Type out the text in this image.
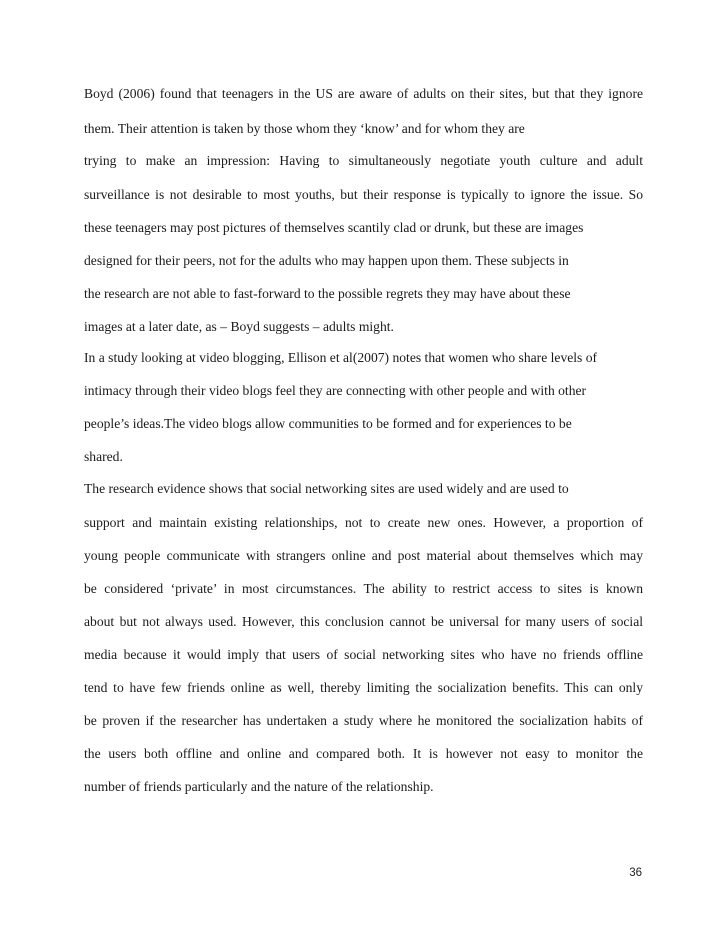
Boyd (2006) found that teenagers in the US are aware of adults on their sites, but that they ignore
them. Their attention is taken by those whom they ‘know’ and for whom they are
trying to make an impression: Having to simultaneously negotiate youth culture and adult
surveillance is not desirable to most youths, but their response is typically to ignore the issue. So
these teenagers may post pictures of themselves scantily clad or drunk, but these are images
designed for their peers, not for the adults who may happen upon them. These subjects in
the research are not able to fast-forward to the possible regrets they may have about these
images at a later date, as – Boyd suggests – adults might.
In a study looking at video blogging, Ellison et al(2007) notes that women who share levels of
intimacy through their video blogs feel they are connecting with other people and with other
people’s ideas.The video blogs allow communities to be formed and for experiences to be
shared.
The research evidence shows that social networking sites are used widely and are used to
support and maintain existing relationships, not to create new ones. However, a proportion of
young people communicate with strangers online and post material about themselves which may
be considered ‘private’ in most circumstances. The ability to restrict access to sites is known
about but not always used. However, this conclusion cannot be universal for many users of social
media because it would imply that users of social networking sites who have no friends offline
tend to have few friends online as well, thereby limiting the socialization benefits. This can only
be proven if the researcher has undertaken a study where he monitored the socialization habits of
the users both offline and online and compared both. It is however not easy to monitor the
number of friends particularly and the nature of the relationship.
36
